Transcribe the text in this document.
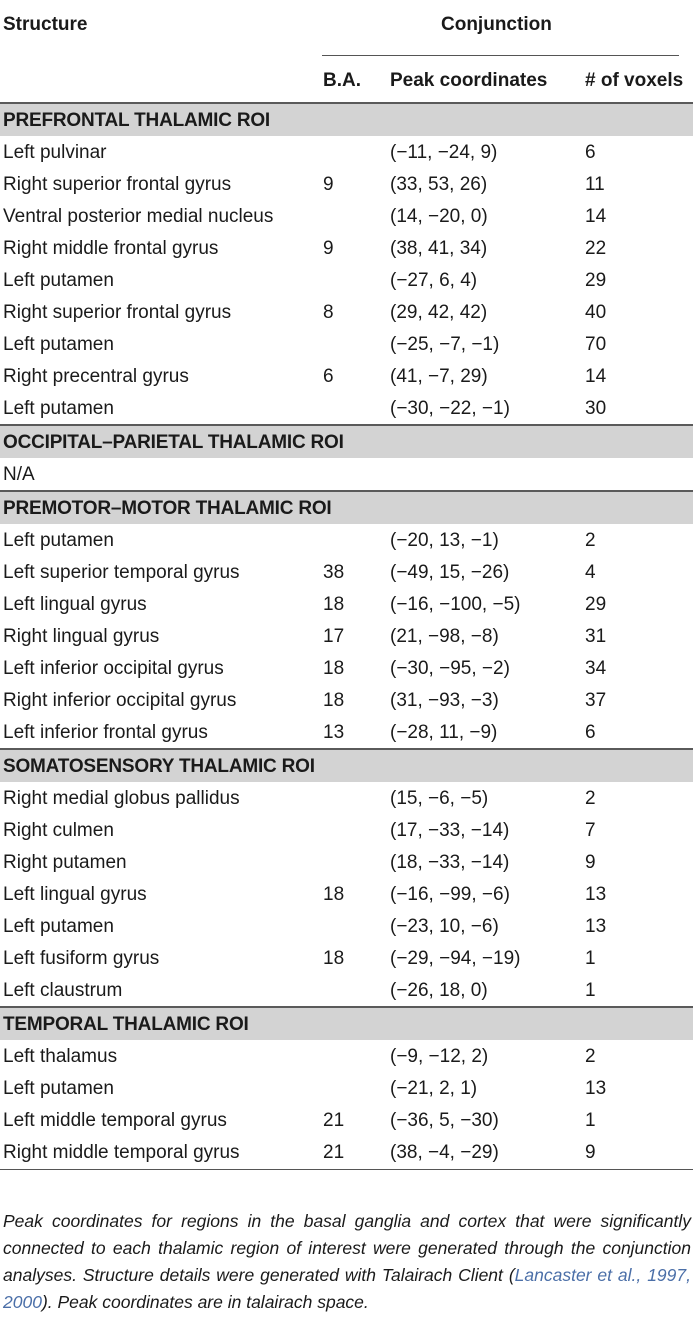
Structure	Conjunction
B.A. Peak coordinates # of voxels
PREFRONTAL THALAMIC ROI
Left pulvinar	(−11, −24, 9)	6
Right superior frontal gyrus	9	(33, 53, 26)	11
Ventral posterior medial nucleus	(14, −20, 0)	14
Right middle frontal gyrus	9	(38, 41, 34)	22
Left putamen	(−27, 6, 4)	29
Right superior frontal gyrus	8	(29, 42, 42)	40
Left putamen	(−25, −7, −1)	70
Right precentral gyrus	6	(41, −7, 29)	14
Left putamen	(−30, −22, −1)	30
OCCIPITAL–PARIETAL THALAMIC ROI
N/A
PREMOTOR–MOTOR THALAMIC ROI
Left putamen	(−20, 13, −1)	2
Left superior temporal gyrus	38 (−49, 15, −26)	4
Left lingual gyrus	18 (−16, −100, −5)	29
Right lingual gyrus	17 (21, −98, −8)	31
Left inferior occipital gyrus	18 (−30, −95, −2)	34
Right inferior occipital gyrus	18 (31, −93, −3)	37
Left inferior frontal gyrus	13 (−28, 11, −9)	6
SOMATOSENSORY THALAMIC ROI
Right medial globus pallidus	(15, −6, −5)	2
Right culmen	(17, −33, −14)	7
Right putamen	(18, −33, −14)	9
Left lingual gyrus	18 (−16, −99, −6)	13
Left putamen	(−23, 10, −6)	13
Left fusiform gyrus	18 (−29, −94, −19)	1
Left claustrum	(−26, 18, 0)	1
TEMPORAL THALAMIC ROI
Left thalamus	(−9, −12, 2)	2
Left putamen	(−21, 2, 1)	13
Left middle temporal gyrus	21 (−36, 5, −30)	1
Right middle temporal gyrus	21 (38, −4, −29)	9
Peak coordinates for regions in the basal ganglia and cortex that were significantly connected to each thalamic region of interest were generated through the conjunction analyses. Structure details were generated with Talairach Client (Lancaster et al., 1997, 2000). Peak coordinates are in talairach space.
